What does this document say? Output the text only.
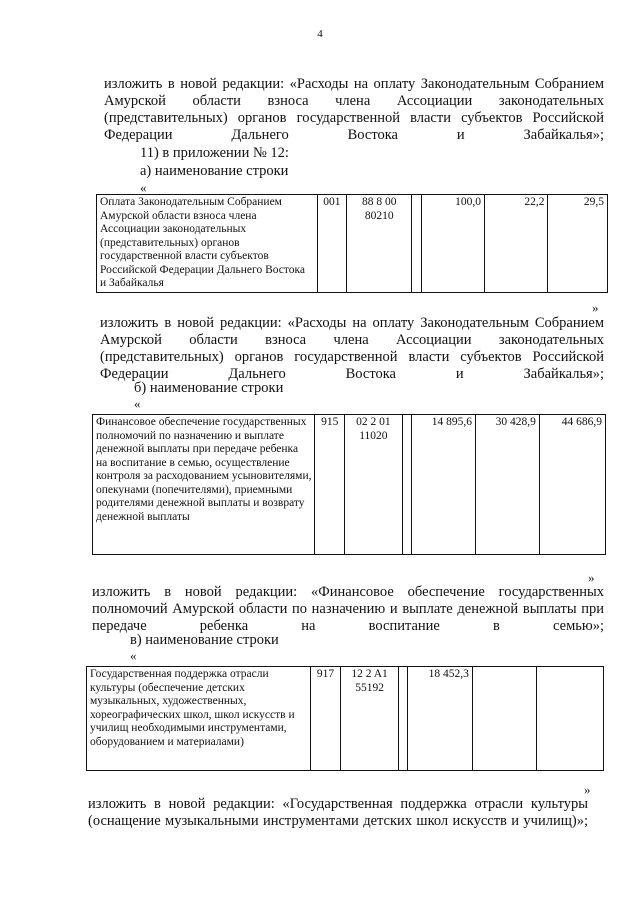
4
изложить в новой редакции: «Расходы на оплату Законодательным Собранием Амурской области взноса члена Ассоциации законодательных (представительных) органов государственной власти субъектов Российской Федерации Дальнего Востока и Забайкалья»;
11) в приложении № 12:
а) наименование строки
«
Оплата Законодательным Собранием Амурской области взноса члена Ассоциации законодательных (представительных) органов государственной власти субъектов Российской Федерации Дальнего Востока и Забайкалья	001	88 8 00 80210		100,0	22,2	29,5
»
изложить в новой редакции: «Расходы на оплату Законодательным Собранием Амурской области взноса члена Ассоциации законодательных (представительных) органов государственной власти субъектов Российской Федерации Дальнего Востока и Забайкалья»;
б) наименование строки
«
Финансовое обеспечение государственных полномочий по назначению и выплате денежной выплаты при передаче ребенка на воспитание в семью, осуществление контроля за расходованием усыновителями, опекунами (попечителями), приемными родителями денежной выплаты и возврату денежной выплаты	915	02 2 01 11020		14 895,6	30 428,9	44 686,9
»
изложить в новой редакции: «Финансовое обеспечение государственных полномочий Амурской области по назначению и выплате денежной выплаты при передаче ребенка на воспитание в семью»;
в) наименование строки
«
Государственная поддержка отрасли культуры (обеспечение детских музыкальных, художественных, хореографических школ, школ искусств и училищ необходимыми инструментами, оборудованием и материалами)	917	12 2 A1 55192		18 452,3		
»
изложить в новой редакции: «Государственная поддержка отрасли культуры (оснащение музыкальными инструментами детских школ искусств и училищ)»;
